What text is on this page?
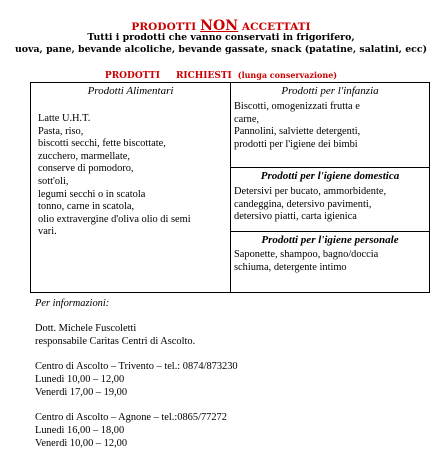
PRODOTTI NON ACCETTATI
Tutti i prodotti che vanno conservati in frigorifero,
uova, pane, bevande alcoliche, bevande gassate, snack (patatine, salatini, ecc)
PRODOTTI RICHIESTI (lunga conservazione)
Prodotti Alimentari
Latte U.H.T.
Pasta, riso,
biscotti secchi, fette biscottate,
zucchero, marmellate,
conserve di pomodoro,
sott'oli,
legumi secchi o in scatola
tonno, carne in scatola,
olio extravergine d'oliva olio di semi
vari.
Prodotti per l'infanzia
Biscotti, omogenizzati frutta e
carne,
Pannolini, salviette detergenti,
prodotti per l'igiene dei bimbi
Prodotti per l'igiene domestica
Detersivi per bucato, ammorbidente,
candeggina, detersivo pavimenti,
detersivo piatti, carta igienica
Prodotti per l'igiene personale
Saponette, shampoo, bagno/doccia
schiuma, detergente intimo
Per informazioni:
Dott. Michele Fuscoletti
responsabile Caritas Centri di Ascolto.
Centro di Ascolto – Trivento – tel.: 0874/873230
Lunedì 10,00 – 12,00
Venerdì 17,00 – 19,00
Centro di Ascolto – Agnone – tel.:0865/77272
Lunedì 16,00 – 18,00
Venerdì 10,00 – 12,00
